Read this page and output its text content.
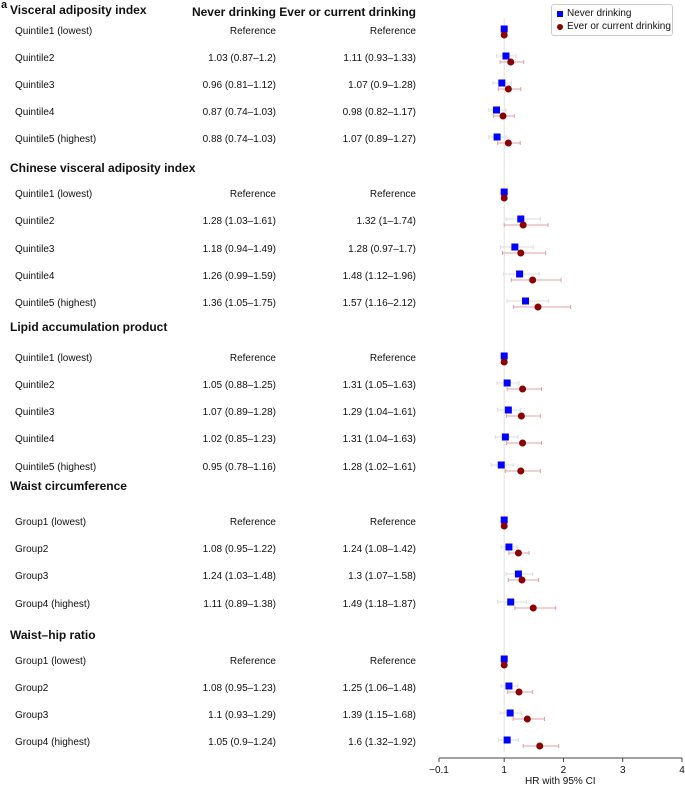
a	Never drinking Ever or current drinking
−0.1	1	2	3	4
Visceral adiposity index
Quintile1 (lowest)	Reference	Reference
Quintile2	1.03 (0.87–1.2)	1.11 (0.93–1.33)
Quintile3	0.96 (0.81–1.12)	1.07 (0.9–1.28)
Quintile4	0.87 (0.74–1.03)	0.98 (0.82–1.17)
Quintile5 (highest)	0.88 (0.74–1.03)	1.07 (0.89–1.27)
Chinese visceral adiposity index
Quintile1 (lowest)	Reference	Reference
Quintile2	1.28 (1.03–1.61)	1.32 (1–1.74)
Quintile3	1.18 (0.94–1.49)	1.28 (0.97–1.7)
Quintile4	1.26 (0.99–1.59)	1.48 (1.12–1.96)
Quintile5 (highest)	1.36 (1.05–1.75)	1.57 (1.16–2.12)
Lipid accumulation product
Quintile1 (lowest)	Reference	Reference
Quintile2	1.05 (0.88–1.25)	1.31 (1.05–1.63)
Quintile3	1.07 (0.89–1.28)	1.29 (1.04–1.61)
Quintile4	1.02 (0.85–1.23)	1.31 (1.04–1.63)
Quintile5 (highest)	0.95 (0.78–1.16)	1.28 (1.02–1.61)
Waist circumference
Group1 (lowest)	Reference	Reference
Group2	1.08 (0.95–1.22)	1.24 (1.08–1.42)
Group3	1.24 (1.03–1.48)	1.3 (1.07–1.58)
Group4 (highest)	1.11 (0.89–1.38)	1.49 (1.18–1.87)
Waist–hip ratio
Group1 (lowest)	Reference	Reference
Group2	1.08 (0.95–1.23)	1.25 (1.06–1.48)
Group3	1.1 (0.93–1.29)	1.39 (1.15–1.68)
Group4 (highest)	1.05 (0.9–1.24)	1.6 (1.32–1.92)
Never drinking
Ever or current drinking
HR with 95% CI
